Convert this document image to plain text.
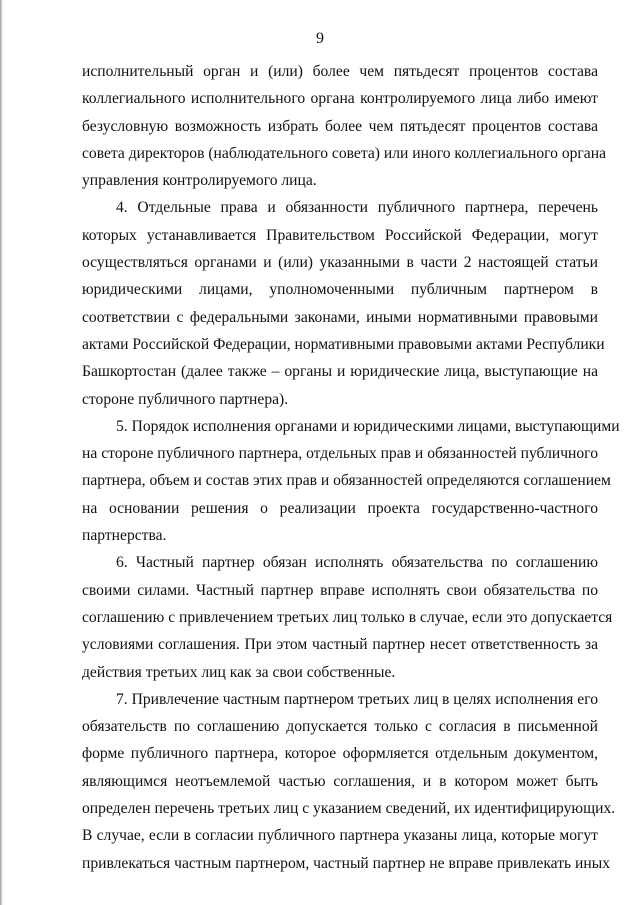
9

исполнительный орган и (или) более чем пятьдесят процентов состава
коллегиального исполнительного органа контролируемого лица либо имеют
безусловную возможность избрать более чем пятьдесят процентов состава
совета директоров (наблюдательного совета) или иного коллегиального органа
управления контролируемого лица.

4. Отдельные права и обязанности публичного партнера, перечень
которых устанавливается Правительством Российской Федерации, могут
осуществляться органами и (или) указанными в части 2 настоящей статьи
юридическими лицами, уполномоченными публичным партнером в
соответствии с федеральными законами, иными нормативными правовыми
актами Российской Федерации, нормативными правовыми актами Республики
Башкортостан (далее также – органы и юридические лица, выступающие на
стороне публичного партнера).

5. Порядок исполнения органами и юридическими лицами, выступающими
на стороне публичного партнера, отдельных прав и обязанностей публичного
партнера, объем и состав этих прав и обязанностей определяются соглашением
на основании решения о реализации проекта государственно-частного
партнерства.

6. Частный партнер обязан исполнять обязательства по соглашению
своими силами. Частный партнер вправе исполнять свои обязательства по
соглашению с привлечением третьих лиц только в случае, если это допускается
условиями соглашения. При этом частный партнер несет ответственность за
действия третьих лиц как за свои собственные.

7. Привлечение частным партнером третьих лиц в целях исполнения его
обязательств по соглашению допускается только с согласия в письменной
форме публичного партнера, которое оформляется отдельным документом,
являющимся неотъемлемой частью соглашения, и в котором может быть
определен перечень третьих лиц с указанием сведений, их идентифицирующих.
В случае, если в согласии публичного партнера указаны лица, которые могут
привлекаться частным партнером, частный партнер не вправе привлекать иных
